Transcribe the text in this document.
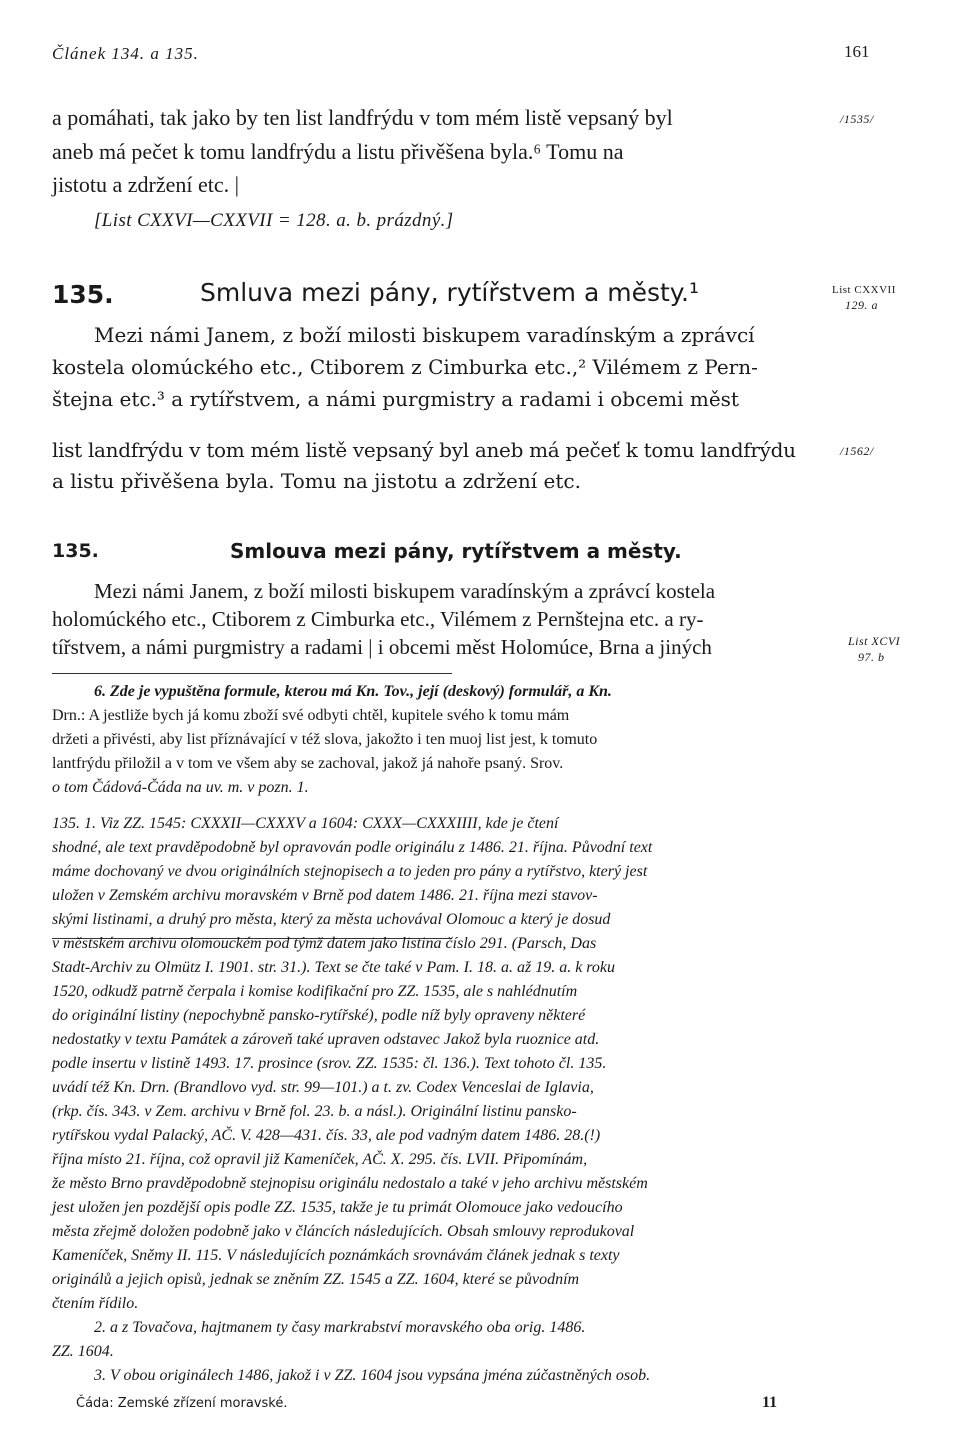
Článek 134. a 135.	161
a pomáhati, tak jako by ten list landfrýdu v tom mém listě vepsaný byl
aneb má pečet k tomu landfrýdu a listu přivěšena byla.⁶ Tomu na
jistotu a zdržení etc. |
/1535/
[List CXXVI—CXXVII = 128. a. b. prázdný.]
135.	Smluva mezi pány, rytířstvem a městy.¹	List CXXVII
129. a
Mezi námi Janem, z boží milosti biskupem varadínským a zprávcí
kostela olomúckého etc., Ctiborem z Cimburka etc.,² Vilémem z Pern-
štejna etc.³ a rytířstvem, a námi purgmistry a radami i obcemi měst
list landfrýdu v tom mém listě vepsaný byl aneb má pečeť k tomu landfrýdu
a listu přivěšena byla. Tomu na jistotu a zdržení etc.
/1562/
135.	Smlouva mezi pány, rytířstvem a městy.
Mezi námi Janem, z boží milosti biskupem varadínským a zprávcí kostela
holomúckého etc., Ctiborem z Cimburka etc., Vilémem z Pernštejna etc. a ry-
tířstvem, a námi purgmistry a radami | i obcemi měst Holomúce, Brna a jiných	List XCVI
97. b
6. Zde je vypuštěna formule, kterou má Kn. Tov., její (deskový) formulář, a Kn.
Drn.: A jestliže bych já komu zboží své odbyti chtěl, kupitele svého k tomu mám
držeti a přivésti, aby list příznávající v též slova, jakožto i ten muoj list jest, k tomuto
lantfrýdu přiložil a v tom ve všem aby se zachoval, jakož já nahoře psaný. Srov.
o tom Čádová-Čáda na uv. m. v pozn. 1.
135. 1. Viz ZZ. 1545: CXXXII—CXXXV a 1604: CXXX—CXXXIIII, kde je čtení
shodné, ale text pravděpodobně byl opravován podle originálu z 1486. 21. října. Původní text
máme dochovaný ve dvou originálních stejnopisech a to jeden pro pány a rytířstvo, který jest
uložen v Zemském archivu moravském v Brně pod datem 1486. 21. října mezi stavov-
skými listinami, a druhý pro města, který za města uchovával Olomouc a který je dosud
v městském archivu olomouckém pod týmž datem jako listina číslo 291. (Parsch, Das
Stadt-Archiv zu Olmütz I. 1901. str. 31.). Text se čte také v Pam. I. 18. a. až 19. a. k roku
1520, odkudž patrně čerpala i komise kodifikační pro ZZ. 1535, ale s nahlédnutím
do originální listiny (nepochybně pansko-rytířské), podle níž byly opraveny některé
nedostatky v textu Památek a zároveň také upraven odstavec Jakož byla ruoznice atd.
podle insertu v listině 1493. 17. prosince (srov. ZZ. 1535: čl. 136.). Text tohoto čl. 135.
uvádí též Kn. Drn. (Brandlovo vyd. str. 99—101.) a t. zv. Codex Venceslai de Iglavia,
(rkp. čís. 343. v Zem. archivu v Brně fol. 23. b. a násl.). Originální listinu pansko-
rytířskou vydal Palacký, AČ. V. 428—431. čís. 33, ale pod vadným datem 1486. 28.(!)
října místo 21. října, což opravil již Kameníček, AČ. X. 295. čís. LVII. Připomínám,
že město Brno pravděpodobně stejnopisu originálu nedostalo a také v jeho archivu městském
jest uložen jen pozdější opis podle ZZ. 1535, takže je tu primát Olomouce jako vedoucího
města zřejmě doložen podobně jako v článcích následujících. Obsah smlouvy reprodukoval
Kameníček, Sněmy II. 115. V následujících poznámkách srovnávám článek jednak s texty
originálů a jejich opisů, jednak se zněním ZZ. 1545 a ZZ. 1604, které se původním
čtením řídilo.
2. a z Tovačova, hajtmanem ty časy markrabství moravského oba orig. 1486.
ZZ. 1604.
3. V obou originálech 1486, jakož i v ZZ. 1604 jsou vypsána jména zúčastněných osob.
Čáda: Zemské zřízení moravské.	11
